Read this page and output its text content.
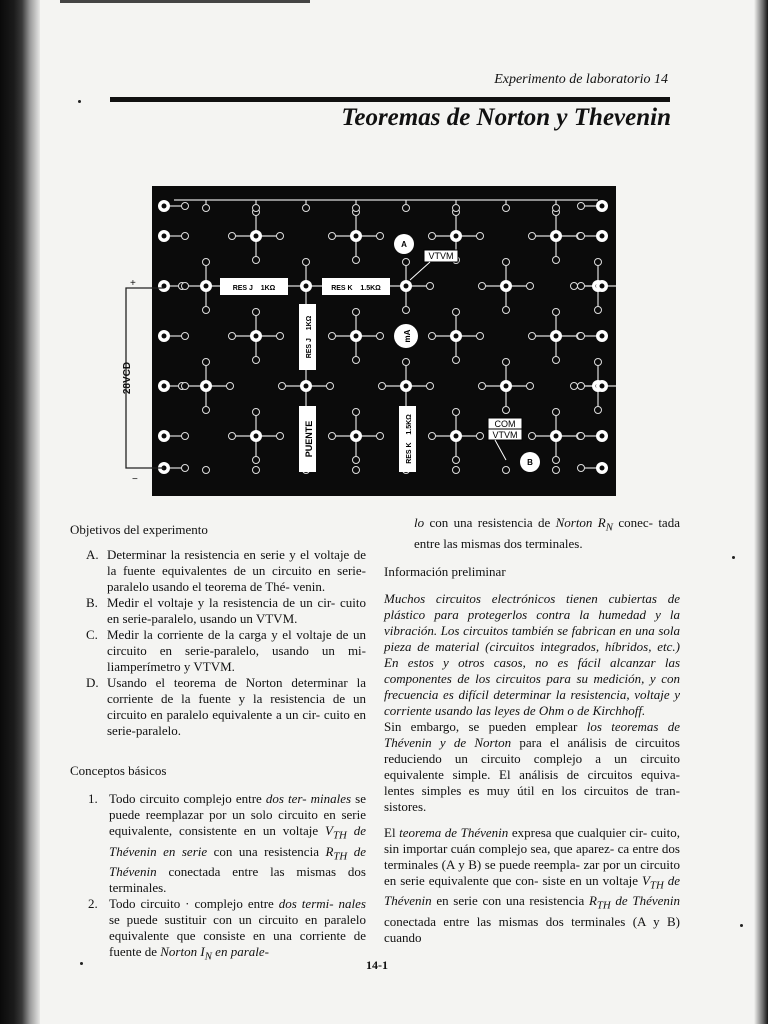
Experimento de laboratorio 14
Teoremas de Norton y Thevenin
28VCD
+
−
RES J    1KΩ	RES K    1.5KΩ
RES J    1KΩ
PUENTE	RES K    1.5KΩ
A
VTVM
mA
COM
VTVM
B
Objetivos del experimento
A. Determinar la resistencia en serie y el voltaje de la fuente equivalentes de un circuito en serie-paralelo usando el teorema de Thé- venin.
B. Medir el voltaje y la resistencia de un cir- cuito en serie-paralelo, usando un VTVM.
C. Medir la corriente de la carga y el voltaje de un circuito en serie-paralelo, usando un mi- liamperímetro y VTVM.
D. Usando el teorema de Norton determinar la corriente de la fuente y la resistencia de un circuito en paralelo equivalente a un cir- cuito en serie-paralelo.
Conceptos básicos
1. Todo circuito complejo entre dos ter- minales se puede reemplazar por un solo circuito en serie equivalente, consistente en un voltaje $V_{TH}$ de Thévenin en serie con una resistencia $R_{TH}$ de Thévenin conectada entre las mismas dos terminales.
2. Todo circuito · complejo entre dos termi- nales se puede sustituir con un circuito en paralelo equivalente que consiste en una corriente de fuente de Norton $I_N$ en parale-

lo con una resistencia de Norton $R_N$ conec- tada entre las mismas dos terminales.

Información preliminar

Muchos circuitos electrónicos tienen cubiertas de plástico para protegerlos contra la humedad y la vibración. Los circuitos también se fabrican en una sola pieza de material (circuitos integrados, híbridos, etc.) En estos y otros casos, no es fácil alcanzar las componentes de los circuitos para su medición, y con frecuencia es difícil determinar la resistencia, voltaje y corriente usando las leyes de Ohm o de Kirchhoff.

Sin embargo, se pueden emplear los teoremas de Thévenin y de Norton para el análisis de circuitos reduciendo un circuito complejo a un circuito equivalente simple. El análisis de circuitos equiva- lentes simples es muy útil en los circuitos de tran- sistores.

El teorema de Thévenin expresa que cualquier cir- cuito, sin importar cuán complejo sea, que aparez- ca entre dos terminales (A y B) se puede reempla- zar por un circuito en serie equivalente que con- siste en un voltaje $V_{TH}$ de Thévenin en serie con una resistencia $R_{TH}$ de Thévenin conectada entre las mismas dos terminales (A y B) cuando

14-1
